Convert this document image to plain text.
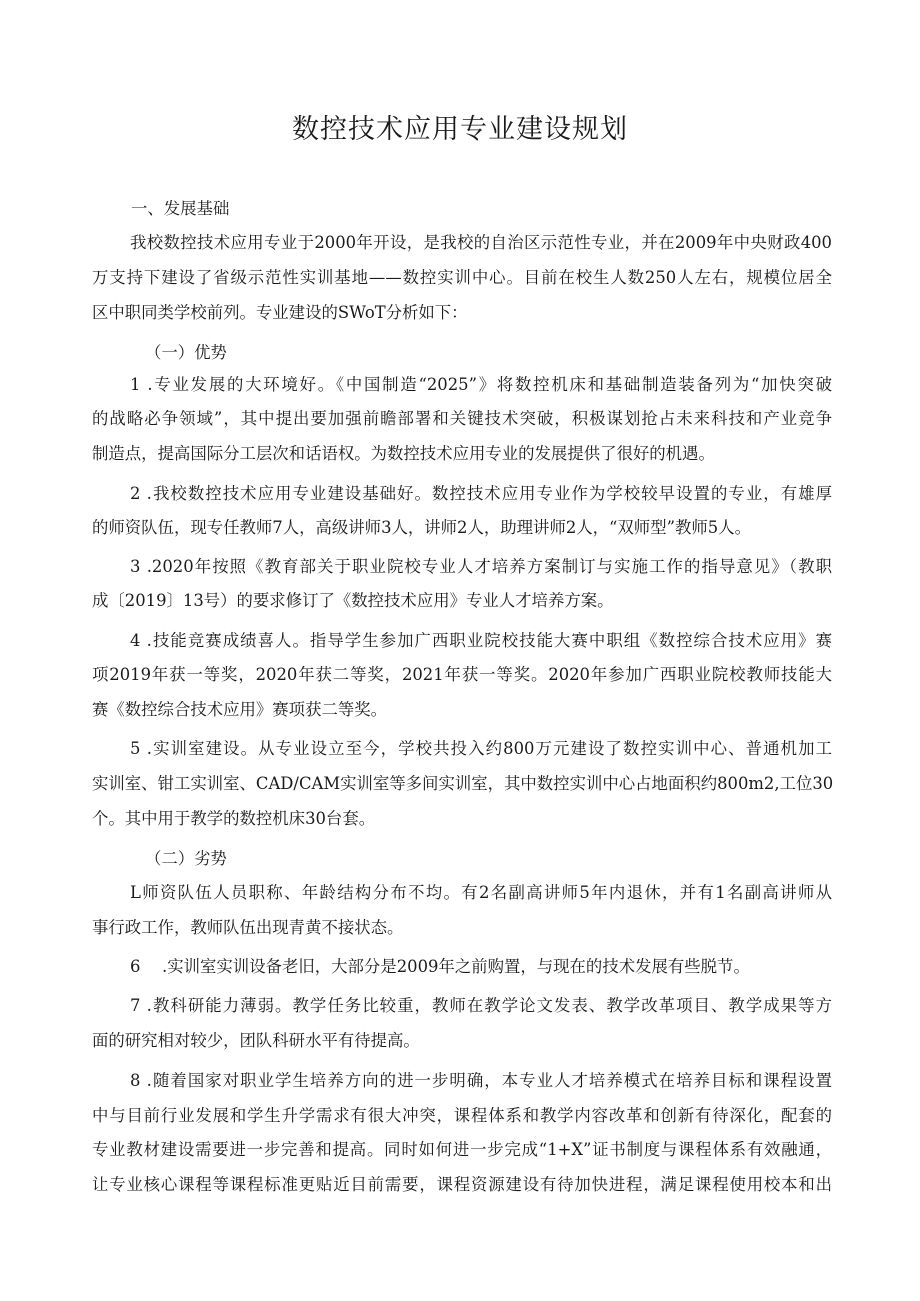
数控技术应用专业建设规划

一、发展基础

我校数控技术应用专业于2000年开设，是我校的自治区示范性专业，并在2009年中央财政400

万支持下建设了省级示范性实训基地——数控实训中心。目前在校生人数250人左右，规模位居全

区中职同类学校前列。专业建设的SWoT分析如下：

（一）优势

1 .专业发展的大环境好。《中国制造“2025”》将数控机床和基础制造装备列为“加快突破

的战略必争领域”，其中提出要加强前瞻部署和关键技术突破，积极谋划抢占未来科技和产业竞争

制造点，提高国际分工层次和话语权。为数控技术应用专业的发展提供了很好的机遇。

2 .我校数控技术应用专业建设基础好。数控技术应用专业作为学校较早设置的专业，有雄厚

的师资队伍，现专任教师7人，高级讲师3人，讲师2人，助理讲师2人，“双师型”教师5人。

3 .2020年按照《教育部关于职业院校专业人才培养方案制订与实施工作的指导意见》（教职

成〔2019〕13号）的要求修订了《数控技术应用》专业人才培养方案。

4 .技能竞赛成绩喜人。指导学生参加广西职业院校技能大赛中职组《数控综合技术应用》赛

项2019年获一等奖，2020年获二等奖，2021年获一等奖。2020年参加广西职业院校教师技能大

赛《数控综合技术应用》赛项获二等奖。

5 .实训室建设。从专业设立至今，学校共投入约800万元建设了数控实训中心、普通机加工

实训室、钳工实训室、CAD/CAM实训室等多间实训室，其中数控实训中心占地面积约800m2,工位30

个。其中用于教学的数控机床30台套。

（二）劣势

L师资队伍人员职称、年龄结构分布不均。有2名副高讲师5年内退休，并有1名副高讲师从

事行政工作，教师队伍出现青黄不接状态。

6　 .实训室实训设备老旧，大部分是2009年之前购置，与现在的技术发展有些脱节。

7 .教科研能力薄弱。教学任务比较重，教师在教学论文发表、教学改革项目、教学成果等方

面的研究相对较少，团队科研水平有待提高。

8 .随着国家对职业学生培养方向的进一步明确，本专业人才培养模式在培养目标和课程设置

中与目前行业发展和学生升学需求有很大冲突，课程体系和教学内容改革和创新有待深化，配套的

专业教材建设需要进一步完善和提高。同时如何进一步完成“1+X”证书制度与课程体系有效融通，

让专业核心课程等课程标准更贴近目前需要，课程资源建设有待加快进程，满足课程使用校本和出
